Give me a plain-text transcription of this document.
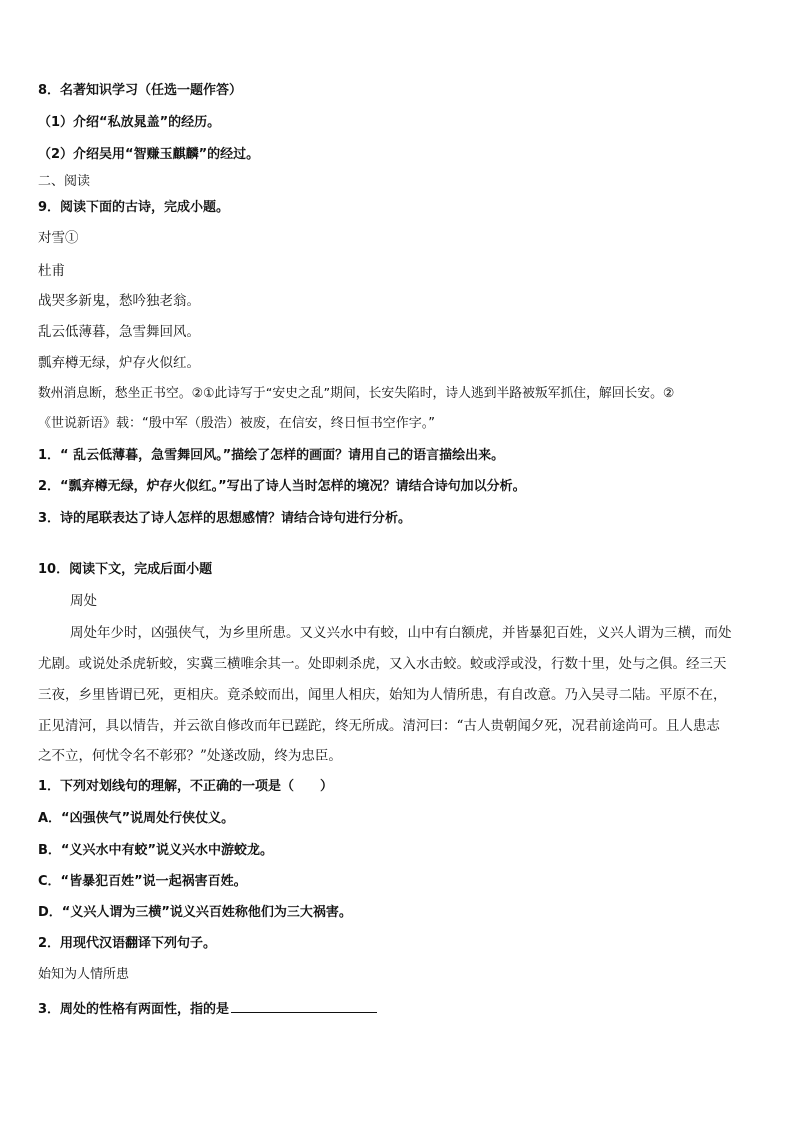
8．名著知识学习（任选一题作答）
（1）介绍“私放晁盖”的经历。
（2）介绍吴用“智赚玉麒麟”的经过。
二、阅读
9．阅读下面的古诗，完成小题。
对雪①
杜甫
战哭多新鬼，愁吟独老翁。
乱云低薄暮，急雪舞回风。
瓢弃樽无绿，炉存火似红。
数州消息断，愁坐正书空。②①此诗写于“安史之乱”期间，长安失陷时，诗人逃到半路被叛军抓住，解回长安。②
《世说新语》载：“殷中军（殷浩）被废，在信安，终日恒书空作字。”
1．“ 乱云低薄暮，急雪舞回风。”描绘了怎样的画面？请用自己的语言描绘出来。
2．“瓢弃樽无绿，炉存火似红。”写出了诗人当时怎样的境况？请结合诗句加以分析。
3．诗的尾联表达了诗人怎样的思想感情？请结合诗句进行分析。
10．阅读下文，完成后面小题
周处
周处年少时，凶强侠气，为乡里所患。又义兴水中有蛟，山中有白额虎，并皆暴犯百姓，义兴人谓为三横，而处
尤剧。或说处杀虎斩蛟，实冀三横唯余其一。处即刺杀虎，又入水击蛟。蛟或浮或没，行数十里，处与之俱。经三天
三夜，乡里皆谓已死，更相庆。竟杀蛟而出，闻里人相庆，始知为人情所患，有自改意。乃入吴寻二陆。平原不在，
正见清河，具以情告，并云欲自修改而年已蹉跎，终无所成。清河曰：“古人贵朝闻夕死，况君前途尚可。且人患志
之不立，何忧令名不彰邪？”处遂改励，终为忠臣。
1．下列对划线句的理解，不正确的一项是（　　）
A．“凶强侠气”说周处行侠仗义。
B．“义兴水中有蛟”说义兴水中游蛟龙。
C．“皆暴犯百姓”说一起祸害百姓。
D．“义兴人谓为三横”说义兴百姓称他们为三大祸害。
2．用现代汉语翻译下列句子。
始知为人情所患
3．周处的性格有两面性，指的是
